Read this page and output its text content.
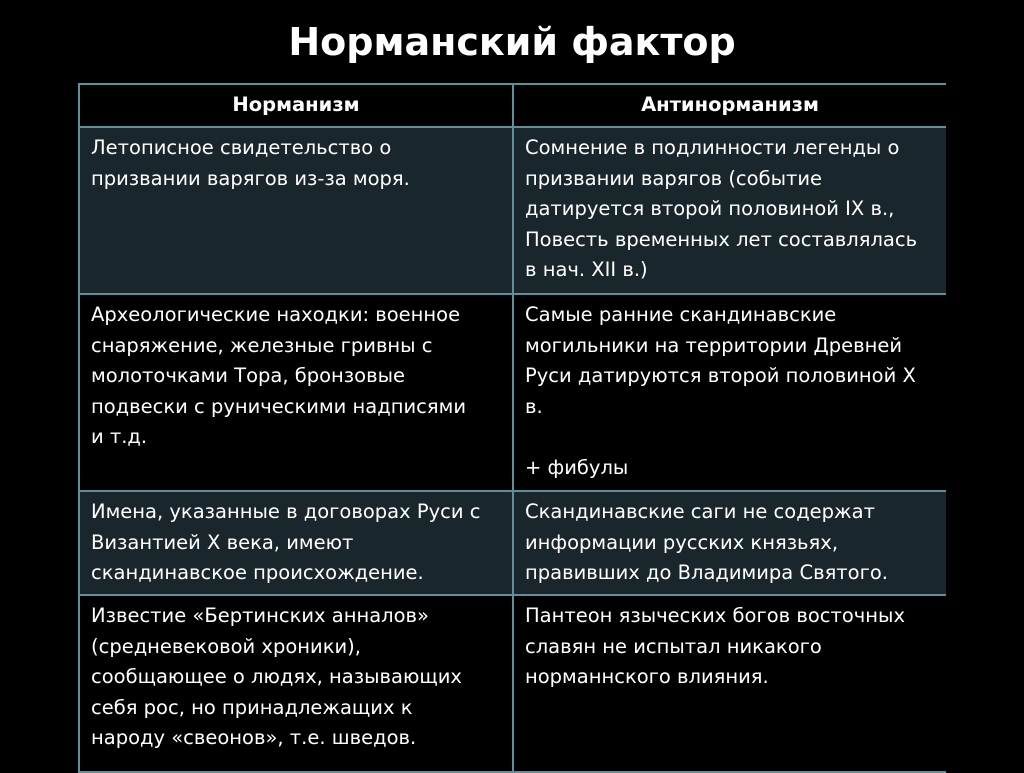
Норманский фактор
Норманизм	Антинорманизм

Летописное свидетельство о
призвании варягов из-за моря.	Сомнение в подлинности легенды о
призвании варягов (событие
датируется второй половиной IX в.,
Повесть временных лет составлялась
в нач. XII в.)

Археологические находки: военное
снаряжение, железные гривны с
молоточками Тора, бронзовые
подвески с руническими надписями
и т.д.	Самые ранние скандинавские
могильники на территории Древней
Руси датируются второй половиной X
в.

+ фибулы

Имена, указанные в договорах Руси с
Византией X века, имеют
скандинавское происхождение.	Скандинавские саги не содержат
информации русских князьях,
правивших до Владимира Святого.

Известие «Бертинских анналов»
(средневековой хроники),
сообщающее о людях, называющих
себя рос, но принадлежащих к
народу «свеонов», т.е. шведов.	Пантеон языческих богов восточных
славян не испытал никакого
норманнского влияния.
